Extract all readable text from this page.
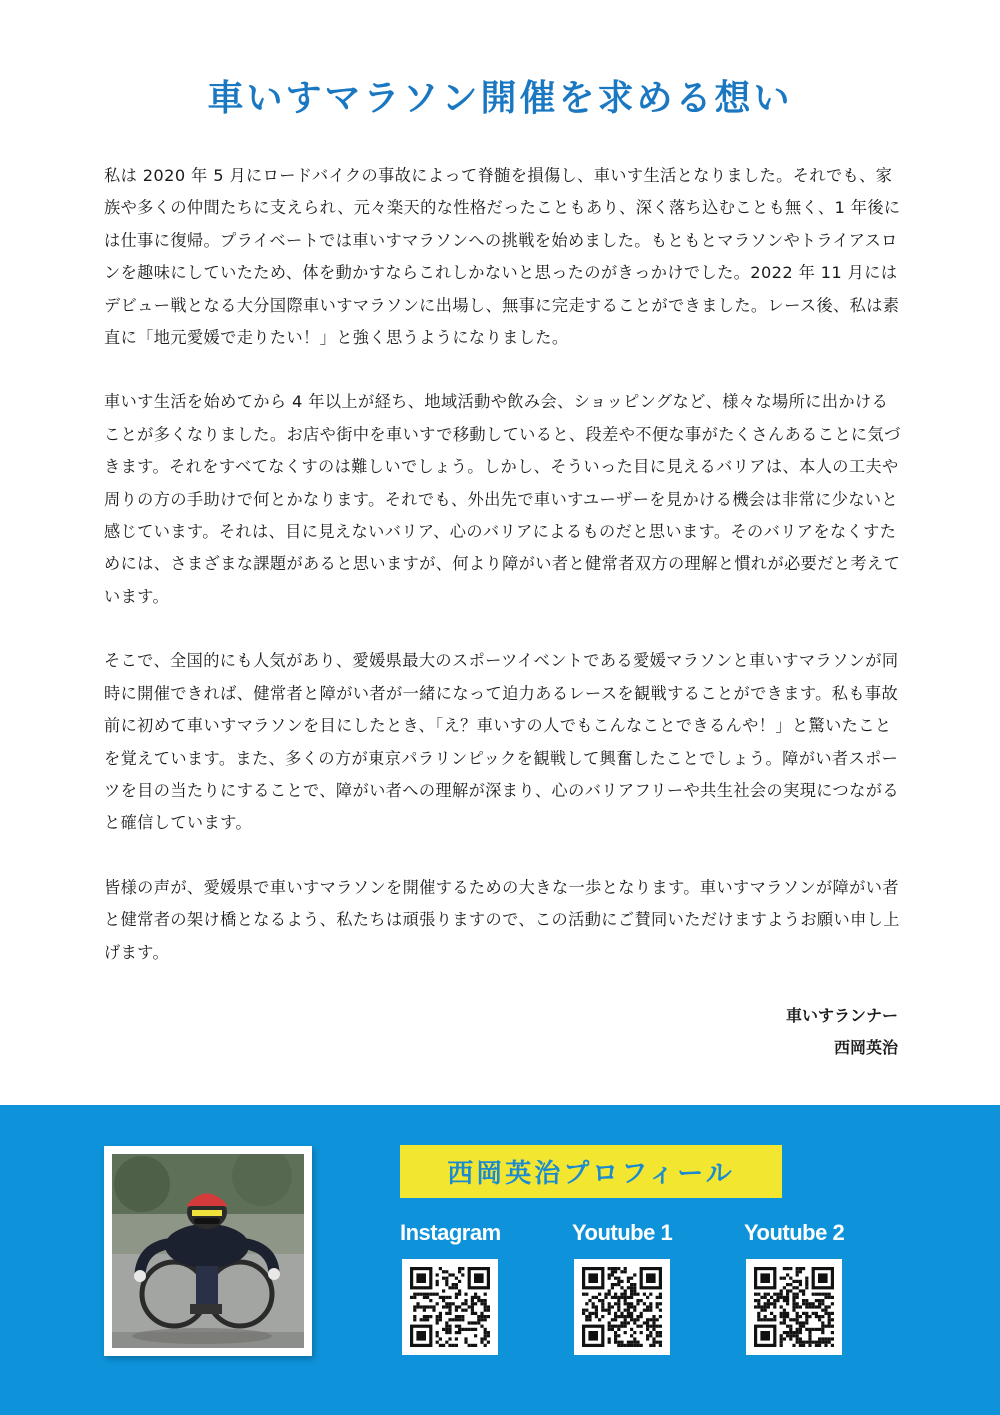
車いすマラソン開催を求める想い

私は 2020 年 5 月にロードバイクの事故によって脊髄を損傷し、車いす生活となりました。それでも、家族や多くの仲間たちに支えられ、元々楽天的な性格だったこともあり、深く落ち込むことも無く、1 年後には仕事に復帰。プライベートでは車いすマラソンへの挑戦を始めました。もともとマラソンやトライアスロンを趣味にしていたため、体を動かすならこれしかないと思ったのがきっかけでした。2022 年 11 月にはデビュー戦となる大分国際車いすマラソンに出場し、無事に完走することができました。レース後、私は素直に「地元愛媛で走りたい！」と強く思うようになりました。

車いす生活を始めてから 4 年以上が経ち、地域活動や飲み会、ショッピングなど、様々な場所に出かけることが多くなりました。お店や街中を車いすで移動していると、段差や不便な事がたくさんあることに気づきます。それをすべてなくすのは難しいでしょう。しかし、そういった目に見えるバリアは、本人の工夫や周りの方の手助けで何とかなります。それでも、外出先で車いすユーザーを見かける機会は非常に少ないと感じています。それは、目に見えないバリア、心のバリアによるものだと思います。そのバリアをなくすためには、さまざまな課題があると思いますが、何より障がい者と健常者双方の理解と慣れが必要だと考えています。

そこで、全国的にも人気があり、愛媛県最大のスポーツイベントである愛媛マラソンと車いすマラソンが同時に開催できれば、健常者と障がい者が一緒になって迫力あるレースを観戦することができます。私も事故前に初めて車いすマラソンを目にしたとき、「え？車いすの人でもこんなことできるんや！」と驚いたことを覚えています。また、多くの方が東京パラリンピックを観戦して興奮したことでしょう。障がい者スポーツを目の当たりにすることで、障がい者への理解が深まり、心のバリアフリーや共生社会の実現につながると確信しています。

皆様の声が、愛媛県で車いすマラソンを開催するための大きな一歩となります。車いすマラソンが障がい者と健常者の架け橋となるよう、私たちは頑張りますので、この活動にご賛同いただけますようお願い申し上げます。

車いすランナー
西岡英治
西岡英治プロフィール
Instagram	Youtube 1	Youtube 2
